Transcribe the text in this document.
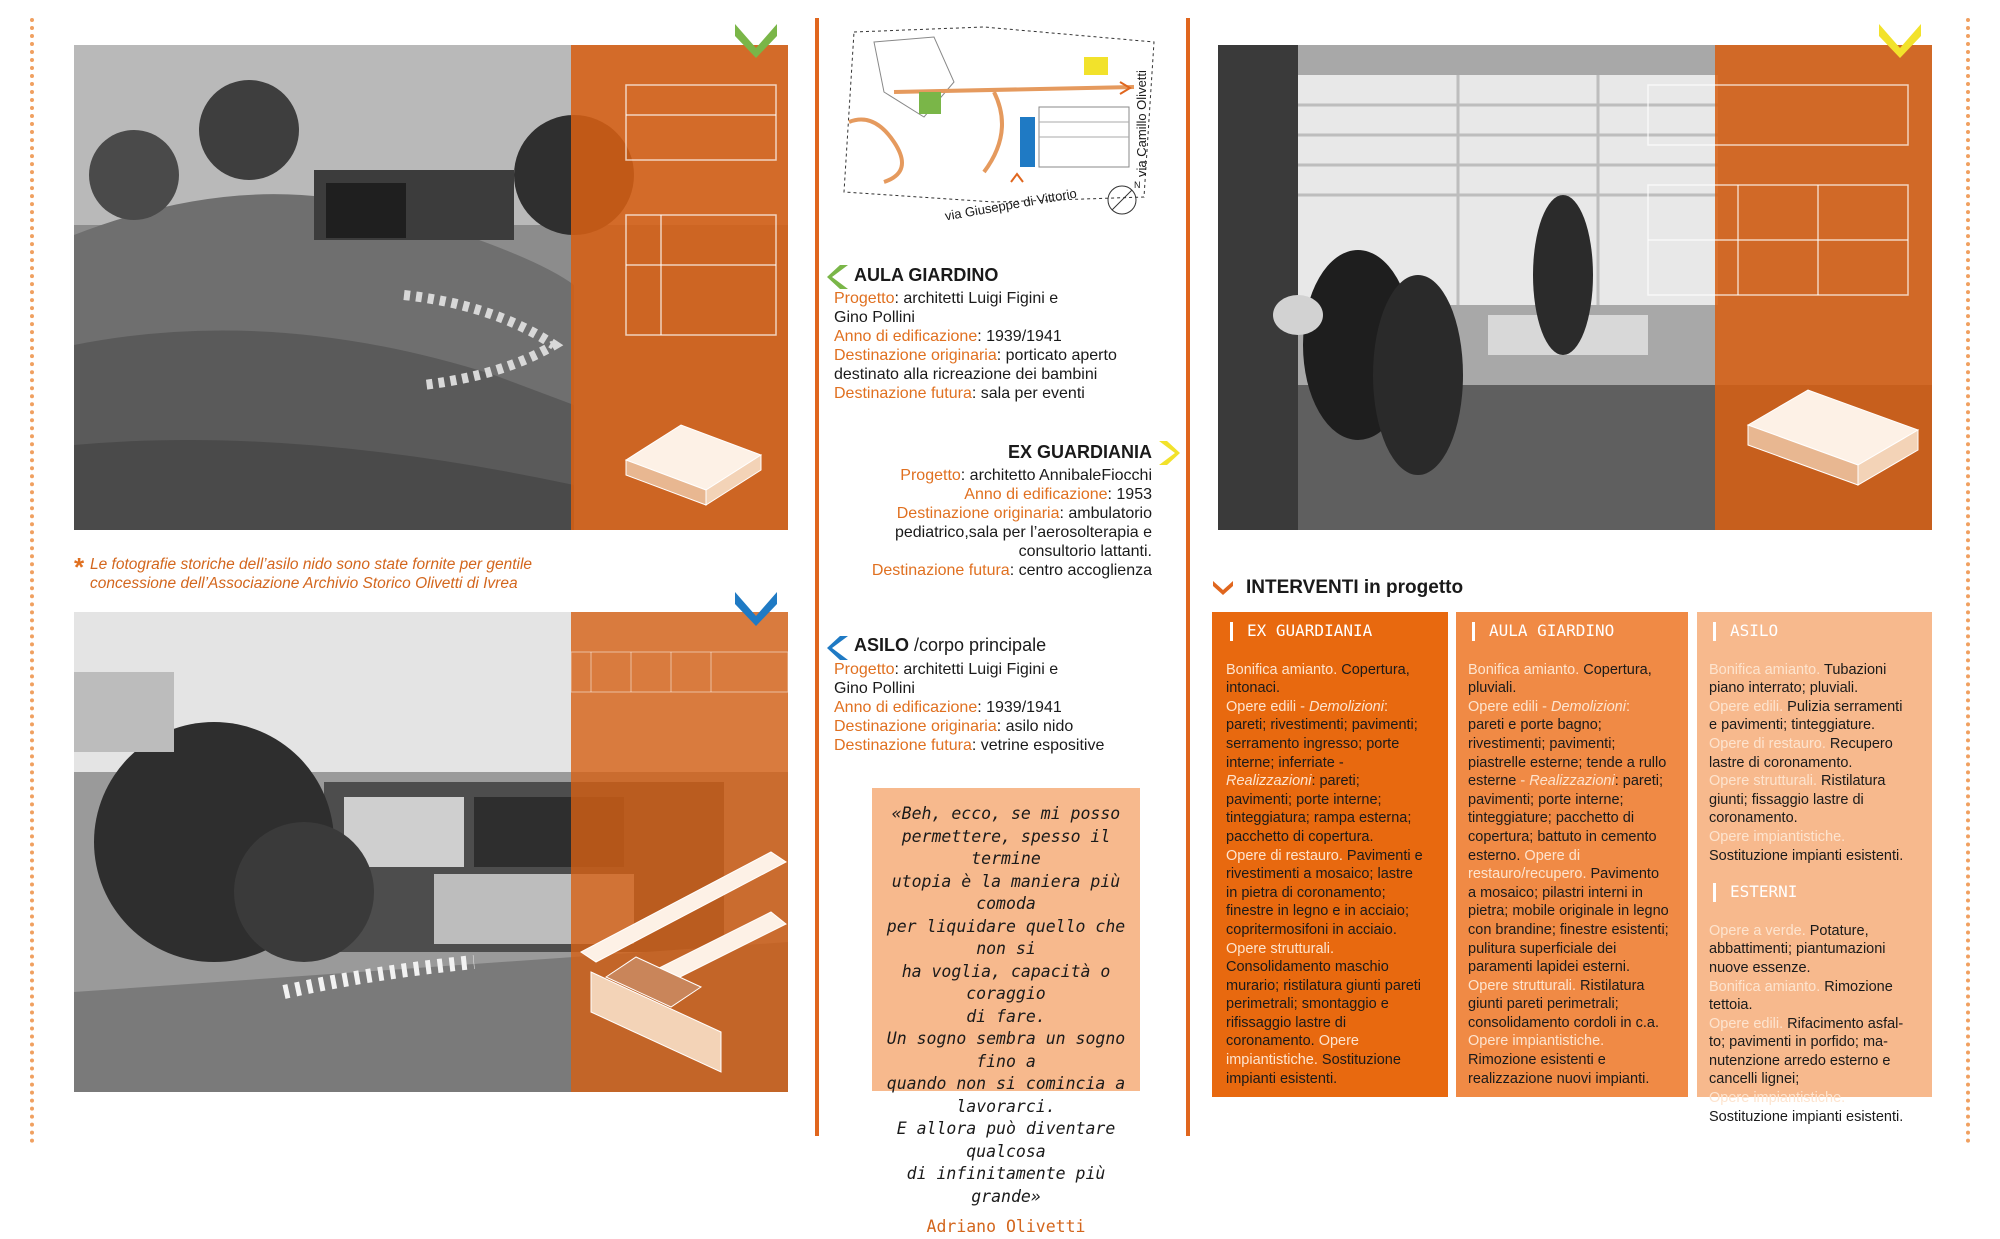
* Le fotografie storiche dell’asilo nido sono state fornite per gentile
concessione dell’Associazione Archivio Storico Olivetti di Ivrea
via Giuseppe di Vittorio
via Camillo Olivetti
N
AULA GIARDINO
Progetto: architetti Luigi Figini e
Gino Pollini
Anno di edificazione: 1939/1941
Destinazione originaria: porticato aperto
destinato alla ricreazione dei bambini
Destinazione futura: sala per eventi
EX GUARDIANIA
Progetto: architetto AnnibaleFiocchi
Anno di edificazione: 1953
Destinazione originaria: ambulatorio
pediatrico,sala per l’aerosolterapia e
consultorio lattanti.
Destinazione futura: centro accoglienza
ASILO /corpo principale
Progetto: architetti Luigi Figini e
Gino Pollini
Anno di edificazione: 1939/1941
Destinazione originaria: asilo nido
Destinazione futura: vetrine espositive
«Beh, ecco, se mi posso
permettere, spesso il termine
utopia è la maniera più comoda
per liquidare quello che non si
ha voglia, capacità o coraggio
di fare.
Un sogno sembra un sogno fino a
quando non si comincia a
lavorarci.
E allora può diventare qualcosa
di infinitamente più grande»
Adriano Olivetti
INTERVENTI in progetto
EX GUARDIANIA
Bonifica amianto. Copertura,
intonaci.
Opere edili - Demolizioni:
pareti; rivestimenti; pavimenti;
serramento ingresso; porte
interne; inferriate -
Realizzazioni: pareti;
pavimenti; porte interne;
tinteggiatura; rampa esterna;
pacchetto di copertura.
Opere di restauro. Pavimenti e
rivestimenti a mosaico; lastre
in pietra di coronamento;
finestre in legno e in acciaio;
copritermosifoni in acciaio.
Opere strutturali.
Consolidamento maschio
murario; ristilatura giunti pareti
perimetrali; smontaggio e
rifissaggio lastre di
coronamento. Opere
impiantistiche. Sostituzione
impianti esistenti.
AULA GIARDINO
Bonifica amianto. Copertura,
pluviali.
Opere edili - Demolizioni:
pareti e porte bagno;
rivestimenti; pavimenti;
piastrelle esterne; tende a rullo
esterne - Realizzazioni: pareti;
pavimenti; porte interne;
tinteggiature; pacchetto di
copertura; battuto in cemento
esterno. Opere di
restauro/recupero. Pavimento
a mosaico; pilastri interni in
pietra; mobile originale in legno
con brandine; finestre esistenti;
pulitura superficiale dei
paramenti lapidei esterni.
Opere strutturali. Ristilatura
giunti pareti perimetrali;
consolidamento cordoli in c.a.
Opere impiantistiche.
Rimozione esistenti e
realizzazione nuovi impianti.
ASILO
Bonifica amianto. Tubazioni
piano interrato; pluviali.
Opere edili. Pulizia serramenti
e pavimenti; tinteggiature.
Opere di restauro. Recupero
lastre di coronamento.
Opere strutturali. Ristilatura
giunti; fissaggio lastre di
coronamento.
Opere impiantistiche.
Sostituzione impianti esistenti.
ESTERNI
Opere a verde. Potature,
abbattimenti; piantumazioni
nuove essenze.
Bonifica amianto. Rimozione
tettoia.
Opere edili. Rifacimento asfal-
to; pavimenti in porfido; ma-
nutenzione arredo esterno e
cancelli lignei;
Opere impiantistiche.
Sostituzione impianti esistenti.
